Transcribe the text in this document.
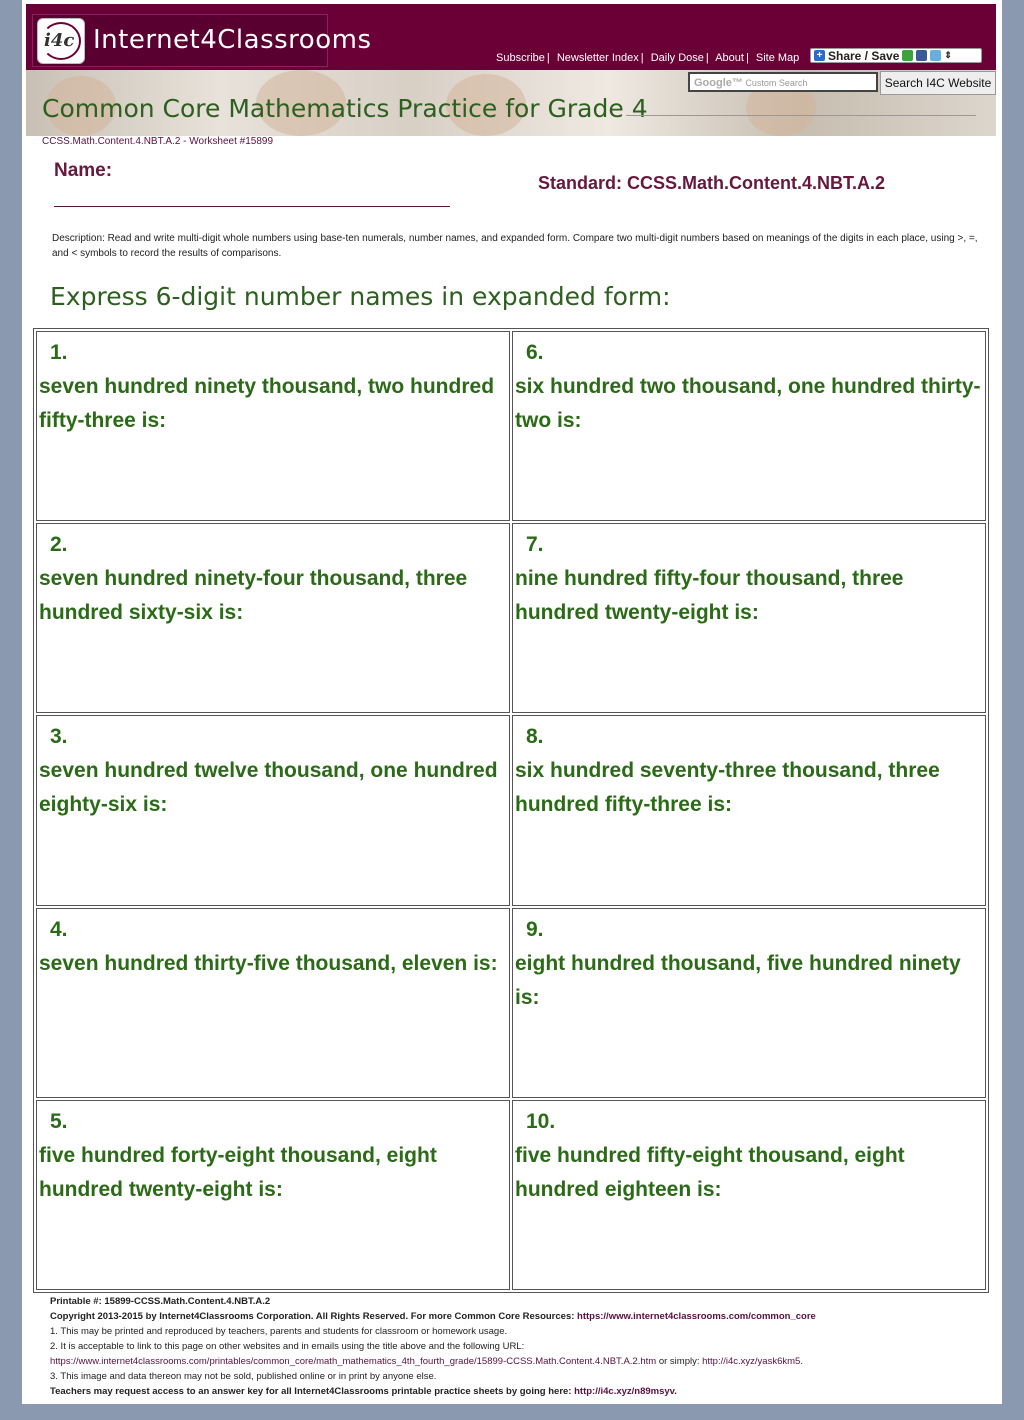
i4c Internet4Classrooms
Subscribe | Newsletter Index | Daily Dose | About | Site Map + Share / Save	⇕
Common Core Mathematics Practice for Grade 4
Google™ Custom Search	Search I4C Website
CCSS.Math.Content.4.NBT.A.2 - Worksheet #15899
Name:
Standard: CCSS.Math.Content.4.NBT.A.2
Description: Read and write multi-digit whole numbers using base-ten numerals, number names, and expanded form. Compare two multi-digit numbers based on meanings of the digits in each place, using >, =, and < symbols to record the results of comparisons.
Express 6-digit number names in expanded form:
1.
seven hundred ninety thousand, two hundred fifty-three is:
6.
six hundred two thousand, one hundred thirty-two is:
2.
seven hundred ninety-four thousand, three hundred sixty-six is:
7.
nine hundred fifty-four thousand, three hundred twenty-eight is:
3.
seven hundred twelve thousand, one hundred eighty-six is:
8.
six hundred seventy-three thousand, three hundred fifty-three is:
4.
seven hundred thirty-five thousand, eleven is:
9.
eight hundred thousand, five hundred ninety is:
5.
five hundred forty-eight thousand, eight hundred twenty-eight is:
10.
five hundred fifty-eight thousand, eight hundred eighteen is:
Printable #: 15899-CCSS.Math.Content.4.NBT.A.2
Copyright 2013-2015 by Internet4Classrooms Corporation. All Rights Reserved. For more Common Core Resources: https://www.internet4classrooms.com/common_core
1. This may be printed and reproduced by teachers, parents and students for classroom or homework usage.
2. It is acceptable to link to this page on other websites and in emails using the title above and the following URL:
https://www.internet4classrooms.com/printables/common_core/math_mathematics_4th_fourth_grade/15899-CCSS.Math.Content.4.NBT.A.2.htm or simply: http://i4c.xyz/yask6km5.
3. This image and data thereon may not be sold, published online or in print by anyone else.
Teachers may request access to an answer key for all Internet4Classrooms printable practice sheets by going here: http://i4c.xyz/n89msyv.
